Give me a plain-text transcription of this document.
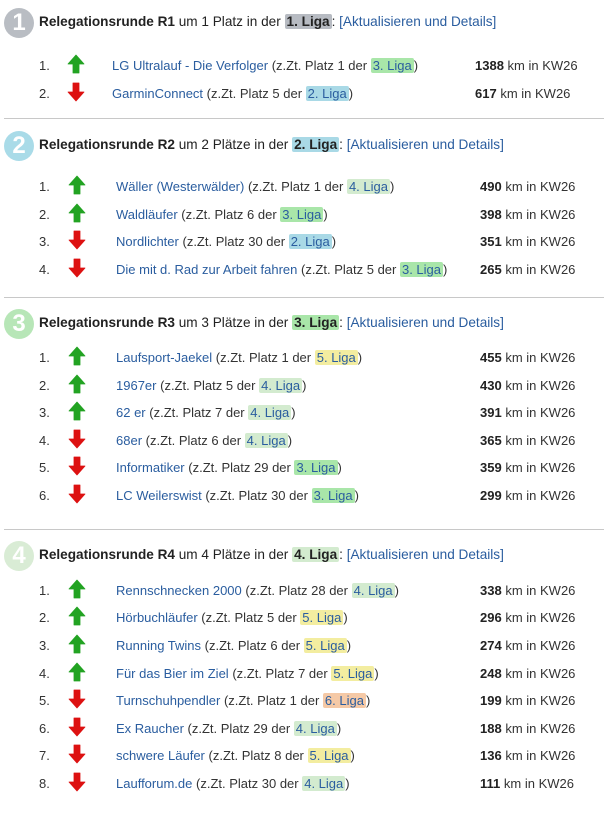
1 Relegationsrunde R1 um 1 Platz in der 1. Liga : [Aktualisieren und Details]
1.	LG Ultralauf - Die Verfolger (z.Zt. Platz 1 der 3. Liga )	1388 km in KW26
2.	GarminConnect (z.Zt. Platz 5 der 2. Liga )	617 km in KW26
2 Relegationsrunde R2 um 2 Plätze in der 2. Liga : [Aktualisieren und Details]
1.	Wäller (Westerwälder) (z.Zt. Platz 1 der 4. Liga )	490 km in KW26
2.	Waldläufer (z.Zt. Platz 6 der 3. Liga )	398 km in KW26
3.	Nordlichter (z.Zt. Platz 30 der 2. Liga )	351 km in KW26
4.	Die mit d. Rad zur Arbeit fahren (z.Zt. Platz 5 der 3. Liga )	265 km in KW26
3 Relegationsrunde R3 um 3 Plätze in der 3. Liga : [Aktualisieren und Details]
1.	Laufsport-Jaekel (z.Zt. Platz 1 der 5. Liga )	455 km in KW26
2.	1967er (z.Zt. Platz 5 der 4. Liga )	430 km in KW26
3.	62 er (z.Zt. Platz 7 der 4. Liga )	391 km in KW26
4.	68er (z.Zt. Platz 6 der 4. Liga )	365 km in KW26
5.	Informatiker (z.Zt. Platz 29 der 3. Liga )	359 km in KW26
6.	LC Weilerswist (z.Zt. Platz 30 der 3. Liga )	299 km in KW26
4 Relegationsrunde R4 um 4 Plätze in der 4. Liga : [Aktualisieren und Details]
1.	Rennschnecken 2000 (z.Zt. Platz 28 der 4. Liga )	338 km in KW26
2.	Hörbuchläufer (z.Zt. Platz 5 der 5. Liga )	296 km in KW26
3.	Running Twins (z.Zt. Platz 6 der 5. Liga )	274 km in KW26
4.	Für das Bier im Ziel (z.Zt. Platz 7 der 5. Liga )	248 km in KW26
5.	Turnschuhpendler (z.Zt. Platz 1 der 6. Liga )	199 km in KW26
6.	Ex Raucher (z.Zt. Platz 29 der 4. Liga )	188 km in KW26
7.	schwere Läufer (z.Zt. Platz 8 der 5. Liga )	136 km in KW26
8.	Laufforum.de (z.Zt. Platz 30 der 4. Liga )	111 km in KW26
